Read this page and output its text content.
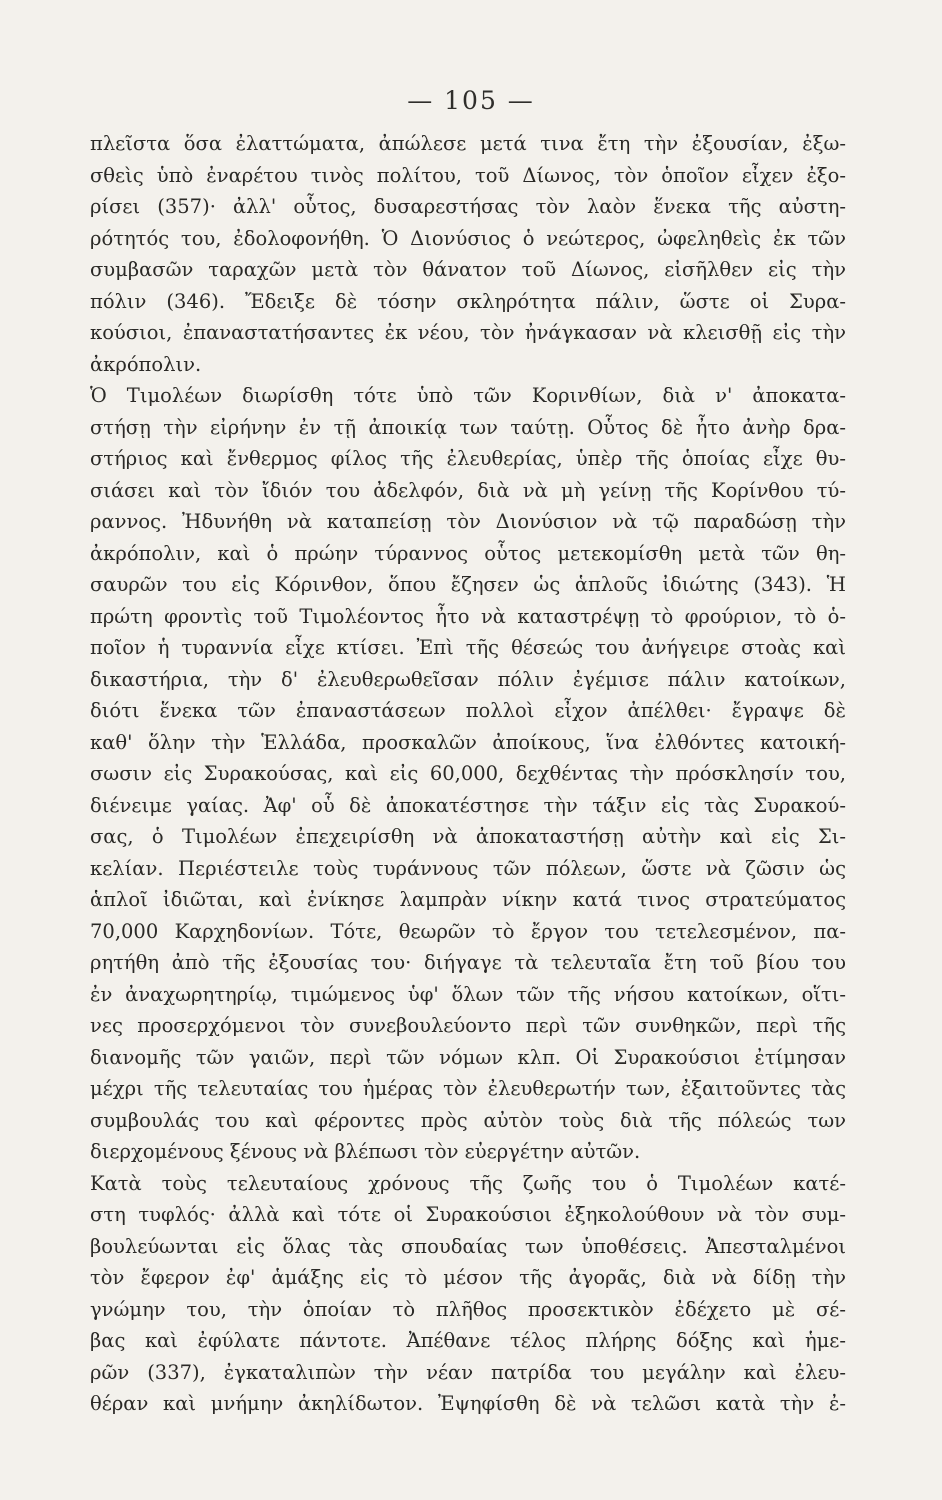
— 105 —
πλεῖστα ὅσα ἐλαττώματα, ἀπώλεσε μετά τινα ἔτη τὴν ἐξουσίαν, ἐξω-
σθεὶς ὑπὸ ἐναρέτου τινὸς πολίτου, τοῦ Δίωνος, τὸν ὁποῖον εἶχεν ἐξο-
ρίσει (357)· ἀλλ' οὗτος, δυσαρεστήσας τὸν λαὸν ἕνεκα τῆς αὐστη-
ρότητός του, ἐδολοφονήθη. Ὁ Διονύσιος ὁ νεώτερος, ὠφεληθεὶς ἐκ τῶν
συμβασῶν ταραχῶν μετὰ τὸν θάνατον τοῦ Δίωνος, εἰσῆλθεν εἰς τὴν
πόλιν (346). Ἔδειξε δὲ τόσην σκληρότητα πάλιν, ὥστε οἱ Συρα-
κούσιοι, ἐπαναστατήσαντες ἐκ νέου, τὸν ἠνάγκασαν νὰ κλεισθῇ εἰς τὴν
ἀκρόπολιν.
Ὁ Τιμολέων διωρίσθη τότε ὑπὸ τῶν Κορινθίων, διὰ ν' ἀποκατα-
στήσῃ τὴν εἰρήνην ἐν τῇ ἀποικίᾳ των ταύτῃ. Οὗτος δὲ ἦτο ἀνὴρ δρα-
στήριος καὶ ἔνθερμος φίλος τῆς ἐλευθερίας, ὑπὲρ τῆς ὁποίας εἶχε θυ-
σιάσει καὶ τὸν ἴδιόν του ἀδελφόν, διὰ νὰ μὴ γείνῃ τῆς Κορίνθου τύ-
ραννος. Ἠδυνήθη νὰ καταπείσῃ τὸν Διονύσιον νὰ τῷ παραδώσῃ τὴν
ἀκρόπολιν, καὶ ὁ πρώην τύραννος οὗτος μετεκομίσθη μετὰ τῶν θη-
σαυρῶν του εἰς Κόρινθον, ὅπου ἔζησεν ὡς ἁπλοῦς ἰδιώτης (343). Ἡ
πρώτη φροντὶς τοῦ Τιμολέοντος ἦτο νὰ καταστρέψῃ τὸ φρούριον, τὸ ὁ-
ποῖον ἡ τυραννία εἶχε κτίσει. Ἐπὶ τῆς θέσεώς του ἀνήγειρε στοὰς καὶ
δικαστήρια, τὴν δ' ἐλευθερωθεῖσαν πόλιν ἐγέμισε πάλιν κατοίκων,
διότι ἕνεκα τῶν ἐπαναστάσεων πολλοὶ εἶχον ἀπέλθει· ἔγραψε δὲ
καθ' ὅλην τὴν Ἑλλάδα, προσκαλῶν ἀποίκους, ἵνα ἐλθόντες κατοική-
σωσιν εἰς Συρακούσας, καὶ εἰς 60,000, δεχθέντας τὴν πρόσκλησίν του,
διένειμε γαίας. Ἀφ' οὗ δὲ ἀποκατέστησε τὴν τάξιν εἰς τὰς Συρακού-
σας, ὁ Τιμολέων ἐπεχειρίσθη νὰ ἀποκαταστήσῃ αὐτὴν καὶ εἰς Σι-
κελίαν. Περιέστειλε τοὺς τυράννους τῶν πόλεων, ὥστε νὰ ζῶσιν ὡς
ἁπλοῖ ἰδιῶται, καὶ ἐνίκησε λαμπρὰν νίκην κατά τινος στρατεύματος
70,000 Καρχηδονίων. Τότε, θεωρῶν τὸ ἔργον του τετελεσμένον, πα-
ρητήθη ἀπὸ τῆς ἐξουσίας του· διήγαγε τὰ τελευταῖα ἔτη τοῦ βίου του
ἐν ἀναχωρητηρίῳ, τιμώμενος ὑφ' ὅλων τῶν τῆς νήσου κατοίκων, οἵτι-
νες προσερχόμενοι τὸν συνεβουλεύοντο περὶ τῶν συνθηκῶν, περὶ τῆς
διανομῆς τῶν γαιῶν, περὶ τῶν νόμων κλπ. Οἱ Συρακούσιοι ἐτίμησαν
μέχρι τῆς τελευταίας του ἡμέρας τὸν ἐλευθερωτήν των, ἐξαιτοῦντες τὰς
συμβουλάς του καὶ φέροντες πρὸς αὐτὸν τοὺς διὰ τῆς πόλεώς των
διερχομένους ξένους νὰ βλέπωσι τὸν εὐεργέτην αὐτῶν.
Κατὰ τοὺς τελευταίους χρόνους τῆς ζωῆς του ὁ Τιμολέων κατέ-
στη τυφλός· ἀλλὰ καὶ τότε οἱ Συρακούσιοι ἐξηκολούθουν νὰ τὸν συμ-
βουλεύωνται εἰς ὅλας τὰς σπουδαίας των ὑποθέσεις. Ἀπεσταλμένοι
τὸν ἔφερον ἐφ' ἁμάξης εἰς τὸ μέσον τῆς ἀγορᾶς, διὰ νὰ δίδῃ τὴν
γνώμην του, τὴν ὁποίαν τὸ πλῆθος προσεκτικὸν ἐδέχετο μὲ σέ-
βας καὶ ἐφύλατε πάντοτε. Ἀπέθανε τέλος πλήρης δόξης καὶ ἡμε-
ρῶν (337), ἐγκαταλιπὼν τὴν νέαν πατρίδα του μεγάλην καὶ ἐλευ-
θέραν καὶ μνήμην ἀκηλίδωτον. Ἐψηφίσθη δὲ νὰ τελῶσι κατὰ τὴν ἐ-
